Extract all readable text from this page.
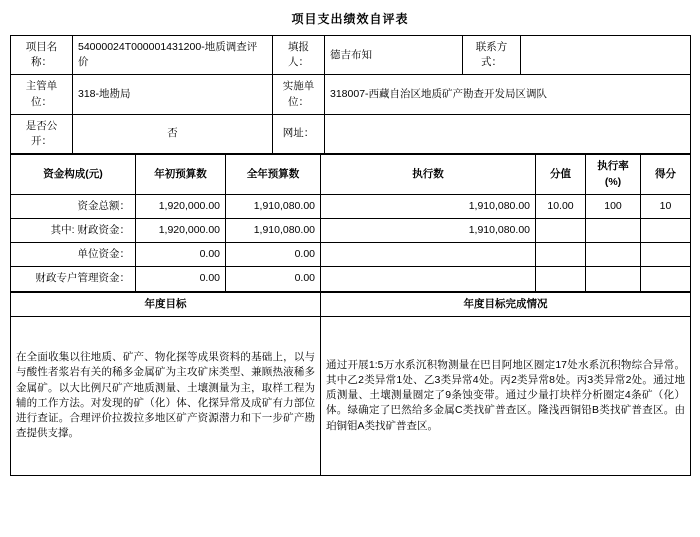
项目支出绩效自评表
项目名称：	54000024T000001431200-地质调查评价	填报人：	德吉布知	联系方式：	
主管单位：	318-地勘局	实施单位：	318007-西藏自治区地质矿产勘查开发局区调队		
是否公开：	否	网址：			
资金构成(元)	年初预算数	全年预算数	执行数	分值	执行率(%)	得分
资金总额：	1,920,000.00	1,910,080.00	1,910,080.00	10.00	100	10
其中: 财政资金：	1,920,000.00	1,910,080.00	1,910,080.00			
单位资金：	0.00	0.00				
财政专户管理资金：	0.00	0.00				
年度目标	年度目标完成情况
在全面收集以往地质、矿产、物化探等成果资料的基础上，以与与酸性者浆岩有关的稀多金属矿为主攻矿床类型、兼顾热液稀多金属矿。以大比例尺矿产地质测量、土壤测量为主，取样工程为辅的工作方法。对发现的矿（化）体、化探异常及成矿有力部位进行查证。合理评价拉拨拉多地区矿产资源潜力和下一步矿产勘查提供支撑。	通过开展1:5万水系沉积物测量在巴目阿地区圈定17处水系沉积物综合异常。其中乙2类异常1处、乙3类异常4处。丙2类异常8处。丙3类异常2处。通过地质测量、土壤测量圈定了9条蚀变带。通过少量打块样分析圈定4条矿（化）体。绿确定了巴然给多金属C类找矿普查区。隆浅西铜铅B类找矿普查区。由珀铜钼A类找矿普查区。
